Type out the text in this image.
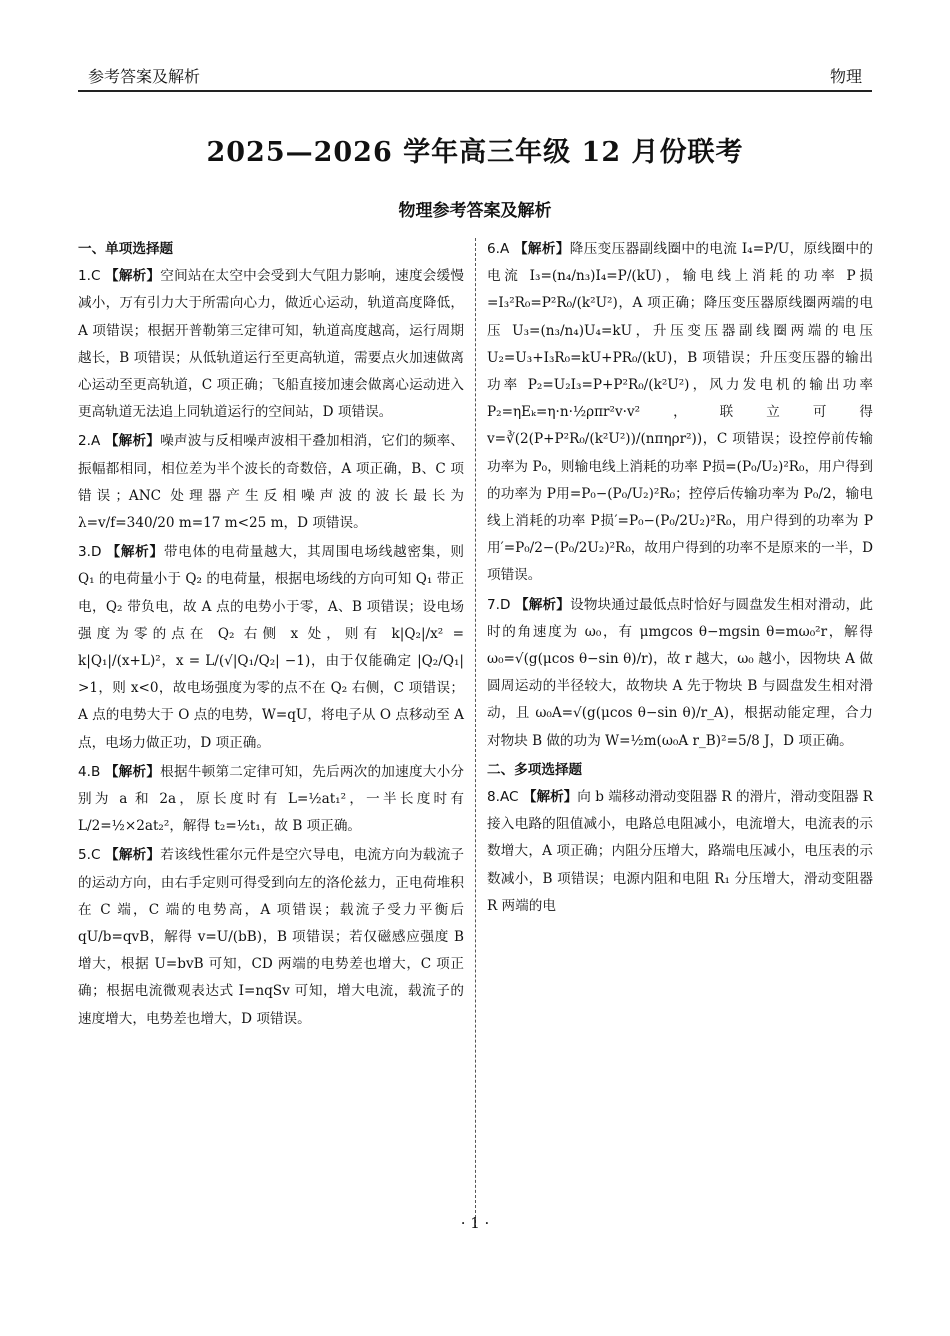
参考答案及解析	物理
2025—2026 学年高三年级 12 月份联考
物理参考答案及解析

一、单项选择题

1.C 【解析】空间站在太空中会受到大气阻力影响，速度会缓慢减小，万有引力大于所需向心力，做近心运动，轨道高度降低，A 项错误；根据开普勒第三定律可知，轨道高度越高，运行周期越长，B 项错误；从低轨道运行至更高轨道，需要点火加速做离心运动至更高轨道，C 项正确；飞船直接加速会做离心运动进入更高轨道无法追上同轨道运行的空间站，D 项错误。
2.A 【解析】噪声波与反相噪声波相干叠加相消，它们的频率、振幅都相同，相位差为半个波长的奇数倍，A 项正确，B、C 项错误；ANC 处理器产生反相噪声波的波长最长为 λ=v/f=340/20 m=17 m<25 m，D 项错误。
3.D 【解析】带电体的电荷量越大，其周围电场线越密集，则 Q₁ 的电荷量小于 Q₂ 的电荷量，根据电场线的方向可知 Q₁ 带正电，Q₂ 带负电，故 A 点的电势小于零，A、B 项错误；设电场强度为零的点在 Q₂ 右侧 x 处，则有 k|Q₂|/x² = k|Q₁|/(x+L)²，x = L/(√|Q₁/Q₂| −1)，由于仅能确定 |Q₂/Q₁| >1，则 x<0，故电场强度为零的点不在 Q₂ 右侧，C 项错误；A 点的电势大于 O 点的电势，W=qU，将电子从 O 点移动至 A 点，电场力做正功，D 项正确。
4.B 【解析】根据牛顿第二定律可知，先后两次的加速度大小分别为 a 和 2a，原长度时有 L=½at₁²，一半长度时有 L/2=½×2at₂²，解得 t₂=½t₁，故 B 项正确。
5.C 【解析】若该线性霍尔元件是空穴导电，电流方向为载流子的运动方向，由右手定则可得受到向左的洛伦兹力，正电荷堆积在 C 端，C 端的电势高，A 项错误；载流子受力平衡后 qU/b=qvB，解得 v=U/(bB)，B 项错误；若仅磁感应强度 B 增大，根据 U=bvB 可知，CD 两端的电势差也增大，C 项正确；根据电流微观表达式 I=nqSv 可知，增大电流，载流子的速度增大，电势差也增大，D 项错误。
6.A 【解析】降压变压器副线圈中的电流 I₄=P/U，原线圈中的电流 I₃=(n₄/n₃)I₄=P/(kU)，输电线上消耗的功率 P损=I₃²R₀=P²R₀/(k²U²)，A 项正确；降压变压器原线圈两端的电压 U₃=(n₃/n₄)U₄=kU，升压变压器副线圈两端的电压 U₂=U₃+I₃R₀=kU+PR₀/(kU)，B 项错误；升压变压器的输出功率 P₂=U₂I₃=P+P²R₀/(k²U²)，风力发电机的输出功率 P₂=ηEₖ=η·n·½ρπr²v·v²，联立可得 v=∛(2(P+P²R₀/(k²U²))/(nπηρr²))，C 项错误；设控停前传输功率为 P₀，则输电线上消耗的功率 P损=(P₀/U₂)²R₀，用户得到的功率为 P用=P₀−(P₀/U₂)²R₀；控停后传输功率为 P₀/2，输电线上消耗的功率 P损′=P₀−(P₀/2U₂)²R₀，用户得到的功率为 P用′=P₀/2−(P₀/2U₂)²R₀，故用户得到的功率不是原来的一半，D 项错误。
7.D 【解析】设物块通过最低点时恰好与圆盘发生相对滑动，此时的角速度为 ω₀，有 μmgcos θ−mgsin θ=mω₀²r，解得 ω₀=√(g(μcos θ−sin θ)/r)，故 r 越大，ω₀ 越小，因物块 A 做圆周运动的半径较大，故物块 A 先于物块 B 与圆盘发生相对滑动，且 ω₀A=√(g(μcos θ−sin θ)/r_A)，根据动能定理，合力对物块 B 做的功为 W=½m(ω₀A r_B)²=5/8 J，D 项正确。

二、多项选择题

8.AC 【解析】向 b 端移动滑动变阻器 R 的滑片，滑动变阻器 R 接入电路的阻值减小，电路总电阻减小，电流增大，电流表的示数增大，A 项正确；内阻分压增大，路端电压减小，电压表的示数减小，B 项错误；电源内阻和电阻 R₁ 分压增大，滑动变阻器 R 两端的电
· 1 ·
